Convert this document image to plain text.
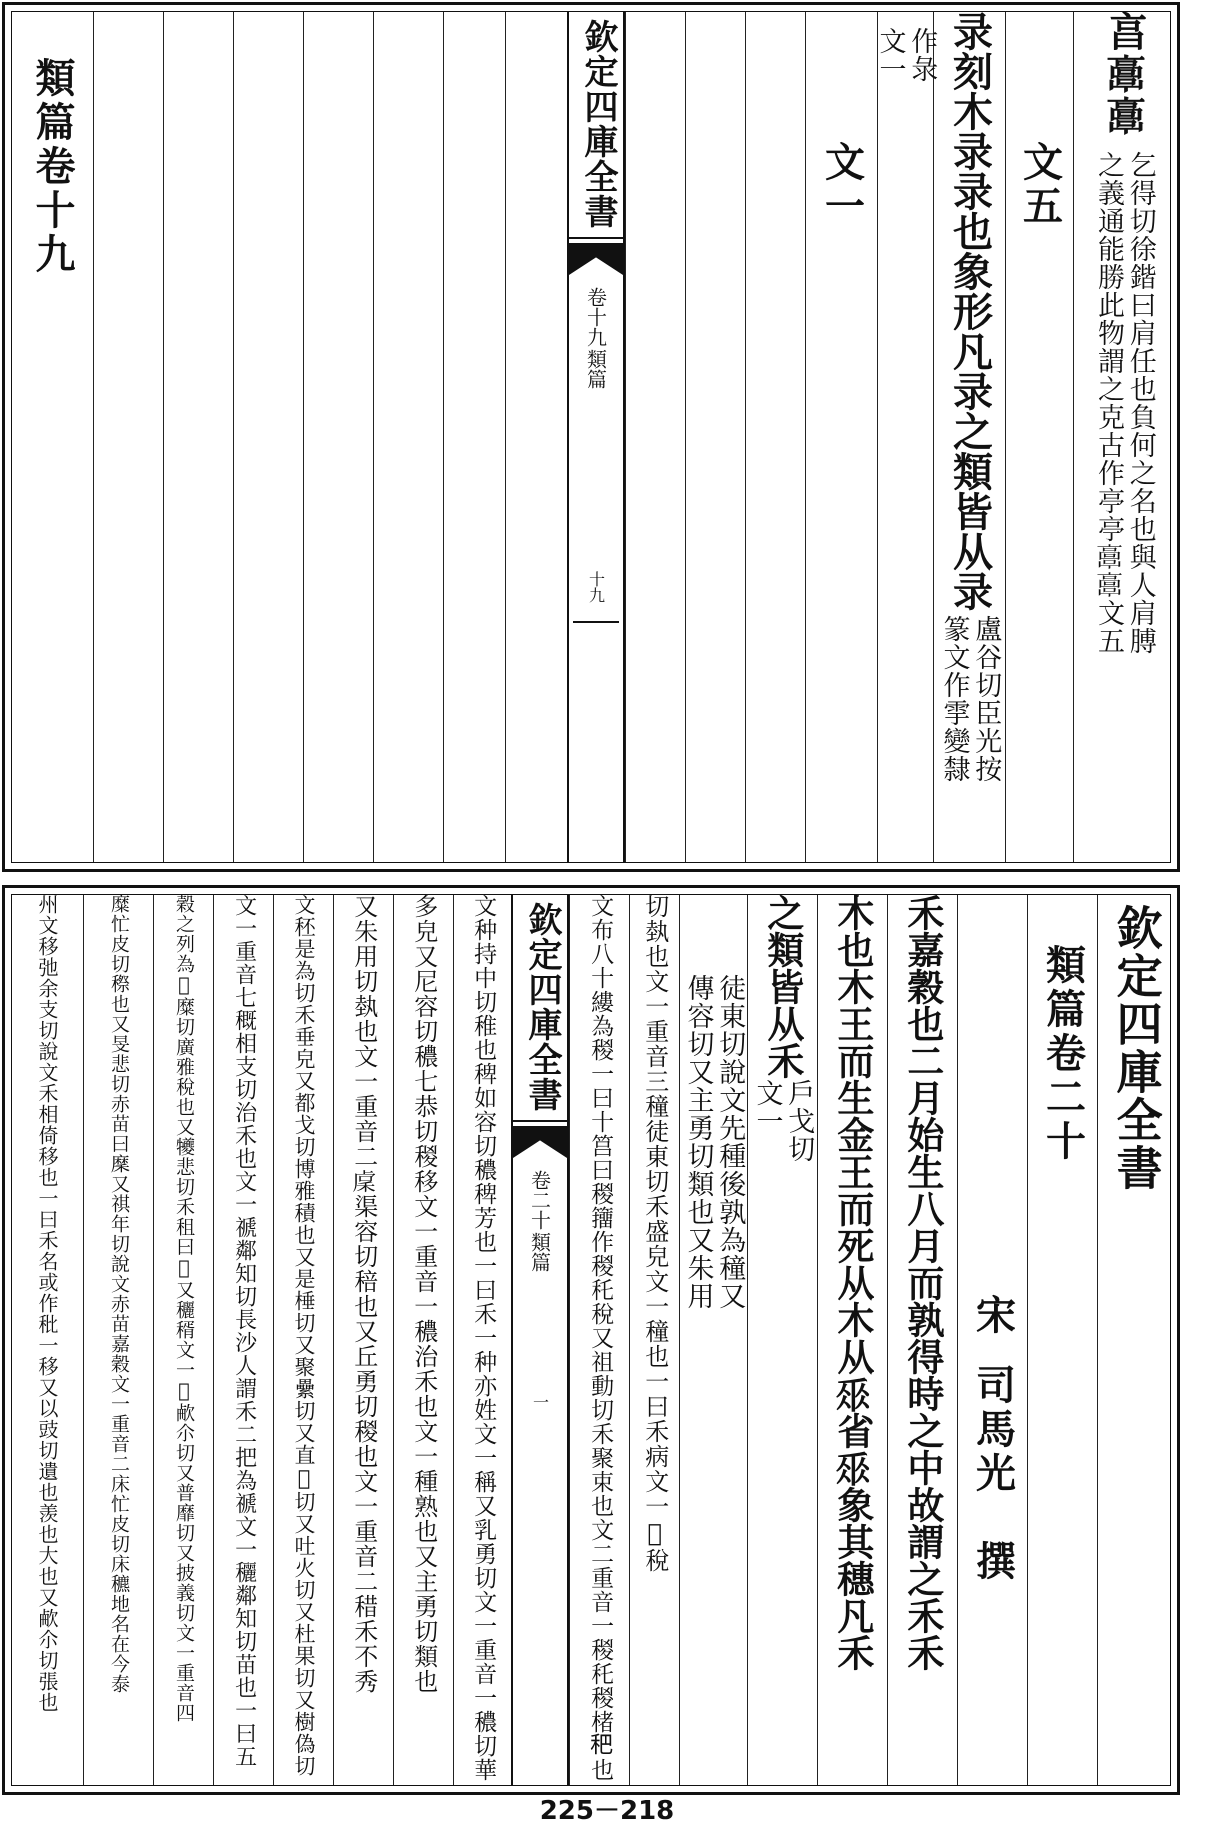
亯𩫖𩫖
乞得切徐鍇曰肩任也負何之名也與人肩膊
之義通能勝此物謂之克古作亭亭𩫖𩫖文五
文五
录刻木录录也象形凡录之類皆从录
盧谷切臣光按
篆文作𩁹變隸
作彔
文一
文一
欽定四庫全書
類篇
卷十九
十九
類篇卷十九
欽定四庫全書
類篇卷二十
宋
司馬光　撰
禾嘉穀也二月始生八月而孰得時之中故謂之禾禾
木也木王而生金王而死从木从𠂹省𠂹象其穗凡禾
之類皆从禾
戶戈切
文一
徒東切說文先種後孰為穜又
傳容切又主勇切類也又朱用
切埶也文一重音三穜徒東切禾盛皃文一穜也一曰禾病文一𥟫稅
文布八十縷為稯一曰十筥曰稯籒作稯秅稅又祖動切禾聚束也文二重音一稯秅稯楮𥝧也
欽定四庫全書
類篇
卷二十
一
文种持中切稚也稗如容切穠稗芳也一曰禾一种亦姓文一稱又乳勇切文一重音一穠切華
多皃又尼容切穠七恭切稯移文一重音一穠治禾也文一種熟也又主勇切類也
又朱用切埶也文一重音二𥟃渠容切稖也又丘勇切稯也文一重音二稓禾不秀
文秠是為切禾垂皃又都戈切博雅積也又是棰切又聚纍切又直𥝰切又吐火切又杜果切又樹偽切
文一重音七穊相支切治禾也文一禠鄰知切長沙人謂禾二把為禠文一穲鄰知切苗也一曰五
穀之列為𥟆糜切廣雅稅也又犪悲切禾租曰𥟆又穲稰文一𥟆欳尒切又普靡切又披義切文一重音四
糜忙皮切穄也又旻悲切赤苗曰穈又祺年切說文赤苗嘉穀文一重音二床忙皮切床穮地名在今泰
州文移弛余支切說文禾相倚移也一曰禾名或作秕一移又以豉切遺也羡也大也又欳尒切張也
225－218
